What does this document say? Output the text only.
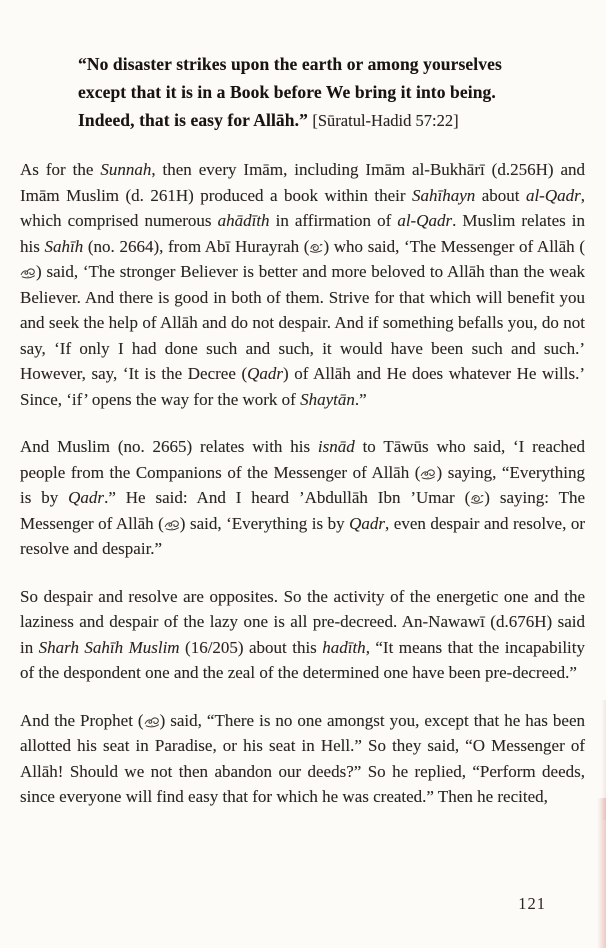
“No disaster strikes upon the earth or among yourselves
except that it is in a Book before We bring it into being.
Indeed, that is easy for Allāh.” [Sūratul-Hadid 57:22]

As for the Sunnah, then every Imām, including Imām al-Bukhārī (d.256H) and Imām Muslim (d. 261H) produced a book within their Sahīhayn about al-Qadr, which comprised numerous ahādīth in affirmation of al-Qadr. Muslim relates in his Sahīh (no. 2664), from Abī Hurayrah ( ) who said, ‘The Messenger of Allāh () said, ‘The stronger Believer is better and more beloved to Allāh than the weak Believer. And there is good in both of them. Strive for that which will benefit you and seek the help of Allāh and do not despair. And if something befalls you, do not say, ‘If only I had done such and such, it would have been such and such.’ However, say, ‘It is the Decree (Qadr) of Allāh and He does whatever He wills.’ Since, ‘if’ opens the way for the work of Shaytān.”

And Muslim (no. 2665) relates with his isnād to Tāwūs who said, ‘I reached people from the Companions of the Messenger of Allāh ( ) saying, “Everything is by Qadr.” He said: And I heard ’Abdullāh Ibn ’Umar ( ) saying: The Messenger of Allāh ( ) said, ‘Everything is by Qadr, even despair and resolve, or resolve and despair.”

So despair and resolve are opposites. So the activity of the energetic one and the laziness and despair of the lazy one is all pre-decreed. An-Nawawī (d.676H) said in Sharh Sahīh Muslim (16/205) about this hadīth, “It means that the incapability of the despondent one and the zeal of the determined one have been pre-decreed.”

And the Prophet ( ) said, “There is no one amongst you, except that he has been allotted his seat in Paradise, or his seat in Hell.” So they said, “O Messenger of Allāh! Should we not then abandon our deeds?” So he replied, “Perform deeds, since everyone will find easy that for which he was created.” Then he recited,

121
